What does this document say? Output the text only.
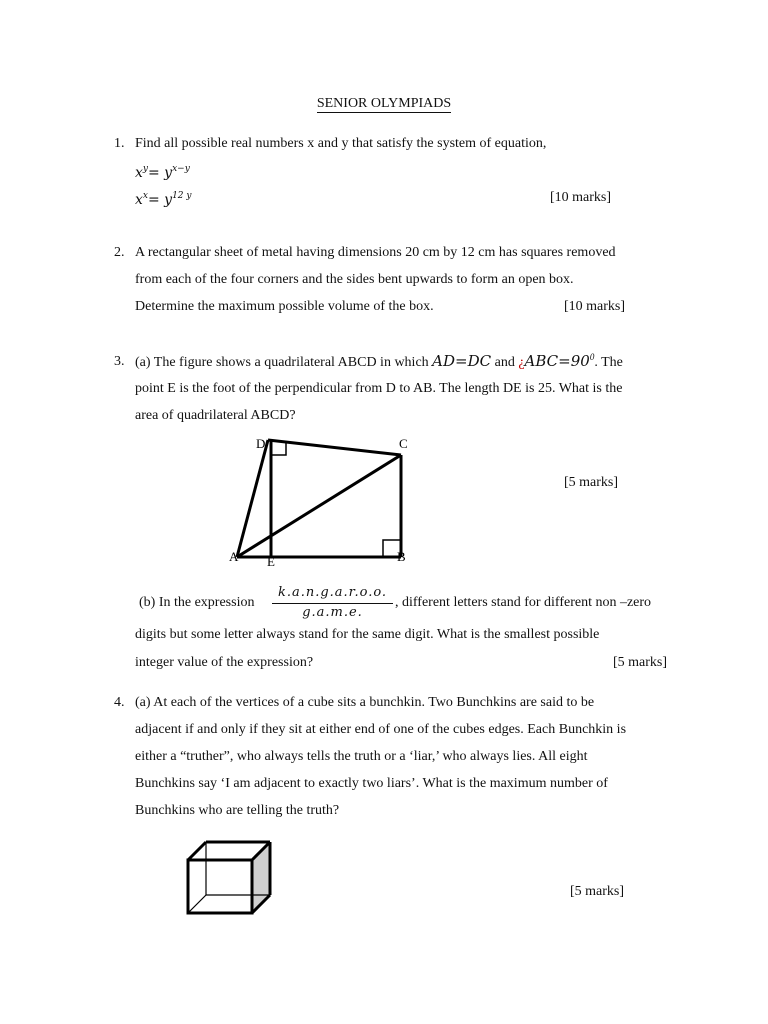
SENIOR OLYMPIADS
1. Find all possible real numbers x and y that satisfy the system of equation,
$x^y= y^{x-y}$
$x^x= y^{12 y}$	[10 marks]
2. A rectangular sheet of metal having dimensions 20 cm by 12 cm has squares removed
from each of the four corners and the sides bent upwards to form an open box.
Determine the maximum possible volume of the box.	[10 marks]
3. (a) The figure shows a quadrilateral ABCD in which AD=DC and ¿$ABC=90^0$. The
point E is the foot of the perpendicular from D to AB. The length DE is 25. What is the
area of quadrilateral ABCD?
D	C
A E	B
[5 marks]
(b) In the expression
k.a.n.g.a.r.o.o.
g.a.m.e.
, different letters stand for different non –zero
digits but some letter always stand for the same digit. What is the smallest possible
integer value of the expression?	[5 marks]
4. (a) At each of the vertices of a cube sits a bunchkin. Two Bunchkins are said to be
adjacent if and only if they sit at either end of one of the cubes edges. Each Bunchkin is
either a “truther”, who always tells the truth or a ‘liar,’ who always lies. All eight
Bunchkins say ‘I am adjacent to exactly two liars’. What is the maximum number of
Bunchkins who are telling the truth?
[5 marks]
